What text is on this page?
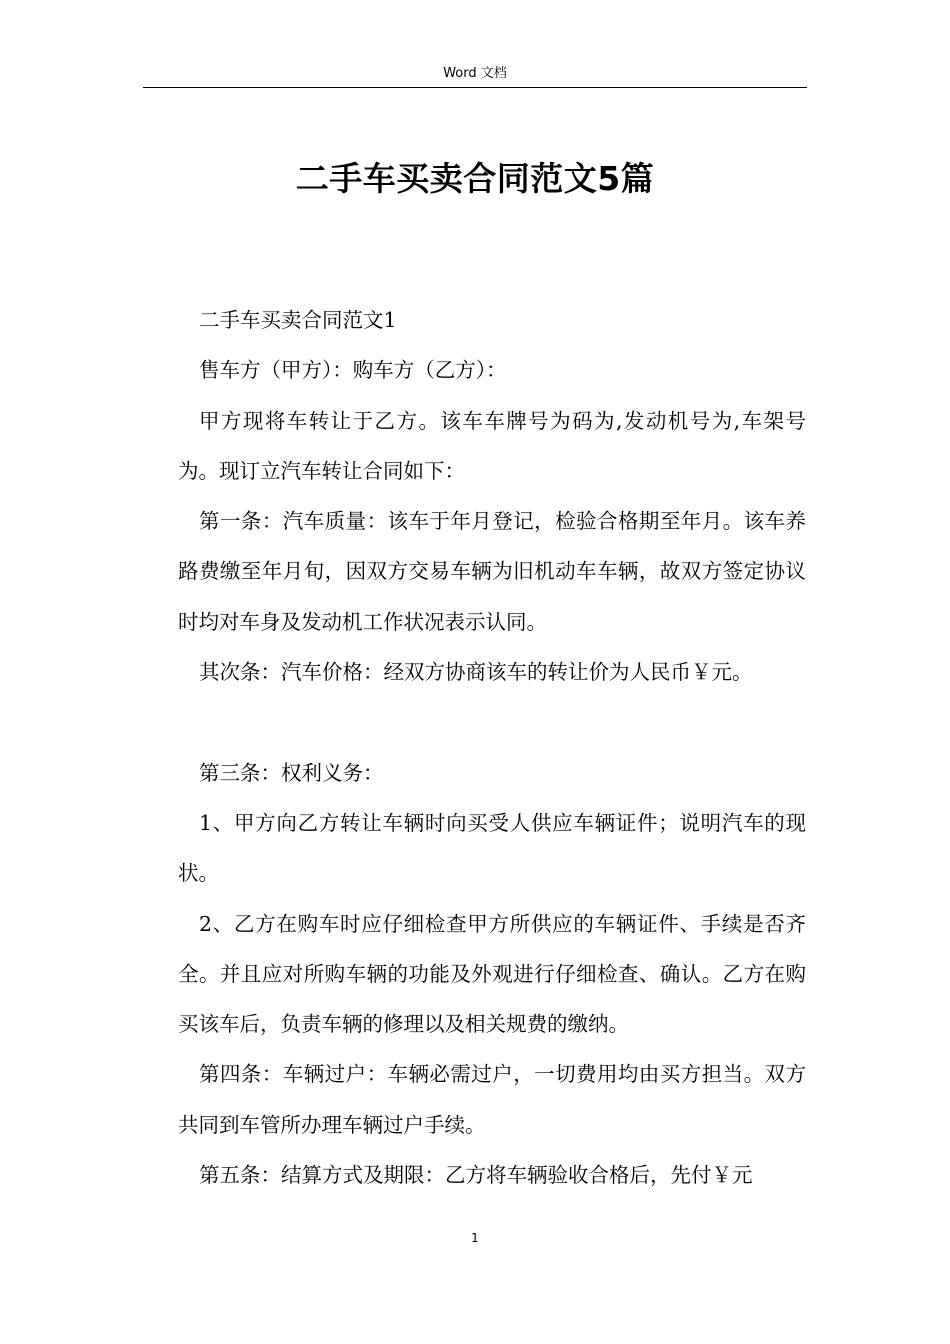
Word 文档
二手车买卖合同范文5篇

二手车买卖合同范文1

售车方（甲方）：购车方（乙方）：

甲方现将车转让于乙方。该车车牌号为码为,发动机号为,车架号为。现订立汽车转让合同如下：

第一条：汽车质量：该车于年月登记，检验合格期至年月。该车养路费缴至年月旬，因双方交易车辆为旧机动车车辆，故双方签定协议时均对车身及发动机工作状况表示认同。

其次条：汽车价格：经双方协商该车的转让价为人民币￥元。

第三条：权利义务：

1、甲方向乙方转让车辆时向买受人供应车辆证件；说明汽车的现状。

2、乙方在购车时应仔细检查甲方所供应的车辆证件、手续是否齐全。并且应对所购车辆的功能及外观进行仔细检查、确认。乙方在购买该车后，负责车辆的修理以及相关规费的缴纳。

第四条：车辆过户：车辆必需过户，一切费用均由买方担当。双方共同到车管所办理车辆过户手续。

第五条：结算方式及期限：乙方将车辆验收合格后，先付￥元

1
